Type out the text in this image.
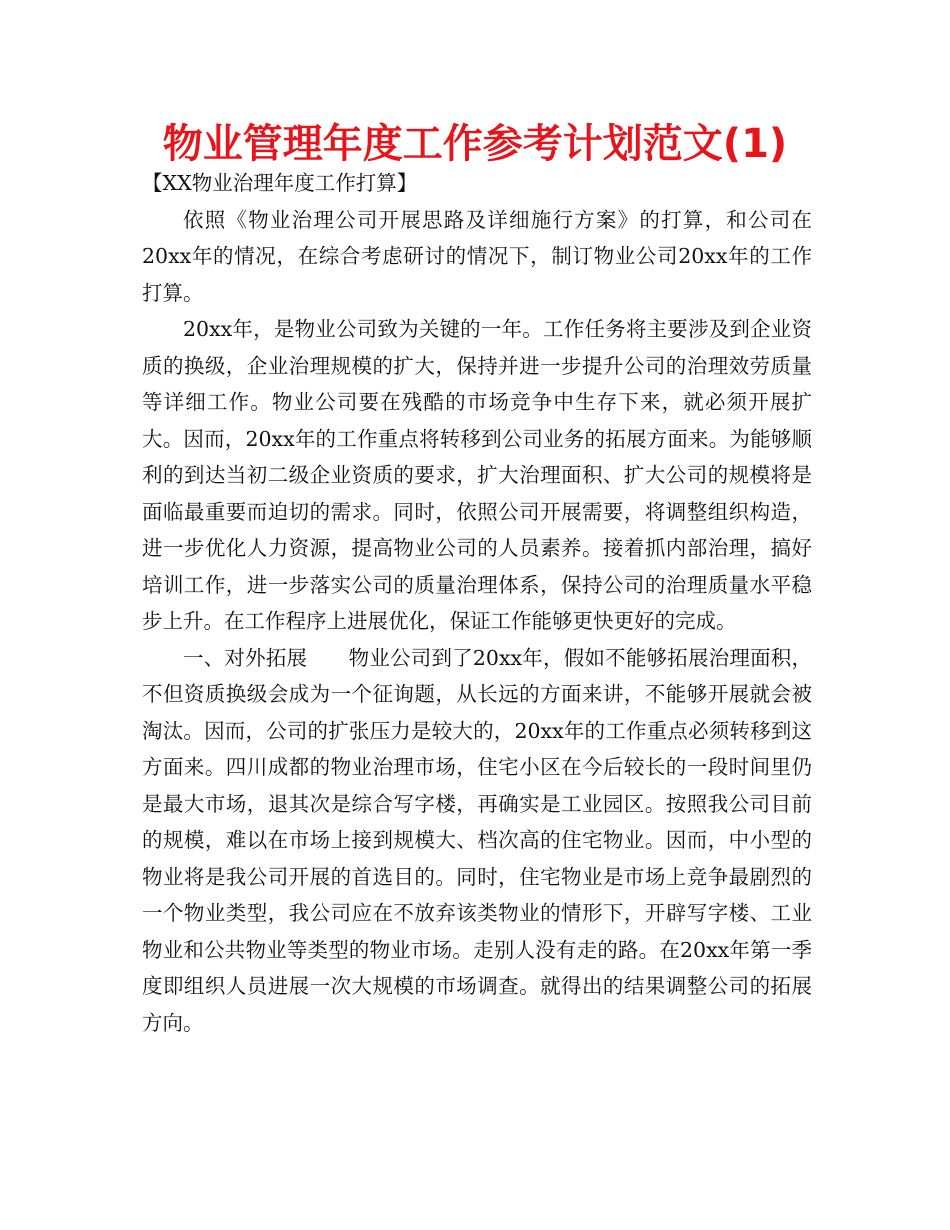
物业管理年度工作参考计划范文(1)

【XX物业治理年度工作打算】

依照《物业治理公司开展思路及详细施行方案》的打算，和公司在20xx年的情况，在综合考虑研讨的情况下，制订物业公司20xx年的工作打算。

20xx年，是物业公司致为关键的一年。工作任务将主要涉及到企业资质的换级，企业治理规模的扩大，保持并进一步提升公司的治理效劳质量等详细工作。物业公司要在残酷的市场竞争中生存下来，就必须开展扩大。因而，20xx年的工作重点将转移到公司业务的拓展方面来。为能够顺利的到达当初二级企业资质的要求，扩大治理面积、扩大公司的规模将是面临最重要而迫切的需求。同时，依照公司开展需要，将调整组织构造，进一步优化人力资源，提高物业公司的人员素养。接着抓内部治理，搞好培训工作，进一步落实公司的质量治理体系，保持公司的治理质量水平稳步上升。在工作程序上进展优化，保证工作能够更快更好的完成。

一、对外拓展　　物业公司到了20xx年，假如不能够拓展治理面积，不但资质换级会成为一个征询题，从长远的方面来讲，不能够开展就会被淘汰。因而，公司的扩张压力是较大的，20xx年的工作重点必须转移到这方面来。四川成都的物业治理市场，住宅小区在今后较长的一段时间里仍是最大市场，退其次是综合写字楼，再确实是工业园区。按照我公司目前的规模，难以在市场上接到规模大、档次高的住宅物业。因而，中小型的物业将是我公司开展的首选目的。同时，住宅物业是市场上竞争最剧烈的一个物业类型，我公司应在不放弃该类物业的情形下，开辟写字楼、工业物业和公共物业等类型的物业市场。走别人没有走的路。在20xx年第一季度即组织人员进展一次大规模的市场调查。就得出的结果调整公司的拓展方向。
